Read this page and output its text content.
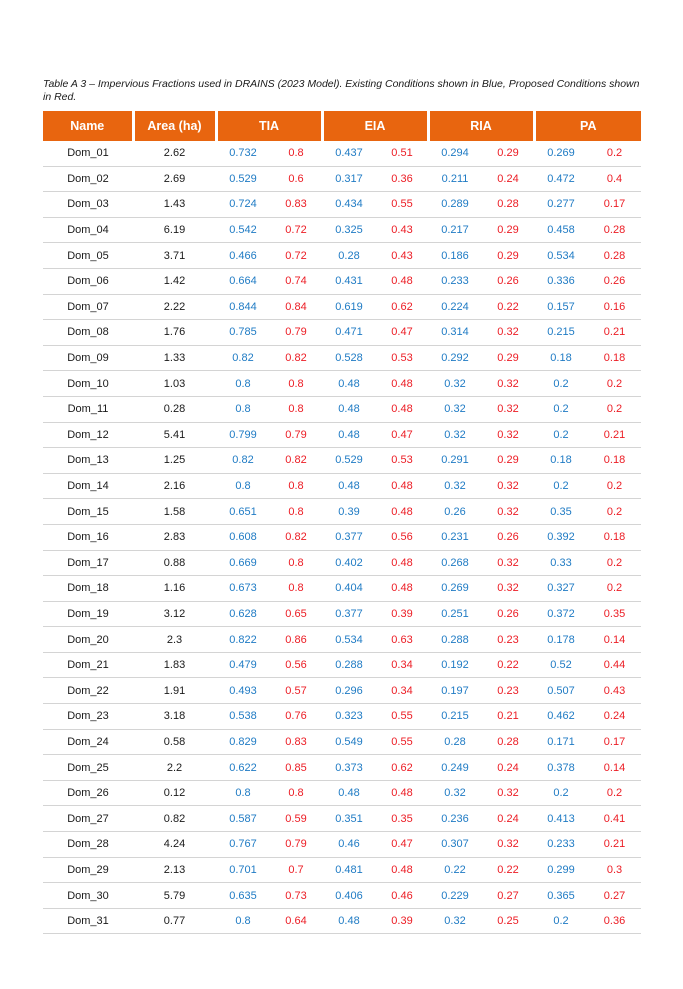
Table A 3 – Impervious Fractions used in DRAINS (2023 Model). Existing Conditions shown in Blue, Proposed Conditions shown in Red.
Name	Area (ha)	TIA		EIA		RIA		PA	
Dom_01	2.62	0.732	0.8	0.437	0.51	0.294	0.29	0.269	0.2
Dom_02	2.69	0.529	0.6	0.317	0.36	0.211	0.24	0.472	0.4
Dom_03	1.43	0.724	0.83	0.434	0.55	0.289	0.28	0.277	0.17
Dom_04	6.19	0.542	0.72	0.325	0.43	0.217	0.29	0.458	0.28
Dom_05	3.71	0.466	0.72	0.28	0.43	0.186	0.29	0.534	0.28
Dom_06	1.42	0.664	0.74	0.431	0.48	0.233	0.26	0.336	0.26
Dom_07	2.22	0.844	0.84	0.619	0.62	0.224	0.22	0.157	0.16
Dom_08	1.76	0.785	0.79	0.471	0.47	0.314	0.32	0.215	0.21
Dom_09	1.33	0.82	0.82	0.528	0.53	0.292	0.29	0.18	0.18
Dom_10	1.03	0.8	0.8	0.48	0.48	0.32	0.32	0.2	0.2
Dom_11	0.28	0.8	0.8	0.48	0.48	0.32	0.32	0.2	0.2
Dom_12	5.41	0.799	0.79	0.48	0.47	0.32	0.32	0.2	0.21
Dom_13	1.25	0.82	0.82	0.529	0.53	0.291	0.29	0.18	0.18
Dom_14	2.16	0.8	0.8	0.48	0.48	0.32	0.32	0.2	0.2
Dom_15	1.58	0.651	0.8	0.39	0.48	0.26	0.32	0.35	0.2
Dom_16	2.83	0.608	0.82	0.377	0.56	0.231	0.26	0.392	0.18
Dom_17	0.88	0.669	0.8	0.402	0.48	0.268	0.32	0.33	0.2
Dom_18	1.16	0.673	0.8	0.404	0.48	0.269	0.32	0.327	0.2
Dom_19	3.12	0.628	0.65	0.377	0.39	0.251	0.26	0.372	0.35
Dom_20	2.3	0.822	0.86	0.534	0.63	0.288	0.23	0.178	0.14
Dom_21	1.83	0.479	0.56	0.288	0.34	0.192	0.22	0.52	0.44
Dom_22	1.91	0.493	0.57	0.296	0.34	0.197	0.23	0.507	0.43
Dom_23	3.18	0.538	0.76	0.323	0.55	0.215	0.21	0.462	0.24
Dom_24	0.58	0.829	0.83	0.549	0.55	0.28	0.28	0.171	0.17
Dom_25	2.2	0.622	0.85	0.373	0.62	0.249	0.24	0.378	0.14
Dom_26	0.12	0.8	0.8	0.48	0.48	0.32	0.32	0.2	0.2
Dom_27	0.82	0.587	0.59	0.351	0.35	0.236	0.24	0.413	0.41
Dom_28	4.24	0.767	0.79	0.46	0.47	0.307	0.32	0.233	0.21
Dom_29	2.13	0.701	0.7	0.481	0.48	0.22	0.22	0.299	0.3
Dom_30	5.79	0.635	0.73	0.406	0.46	0.229	0.27	0.365	0.27
Dom_31	0.77	0.8	0.64	0.48	0.39	0.32	0.25	0.2	0.36
